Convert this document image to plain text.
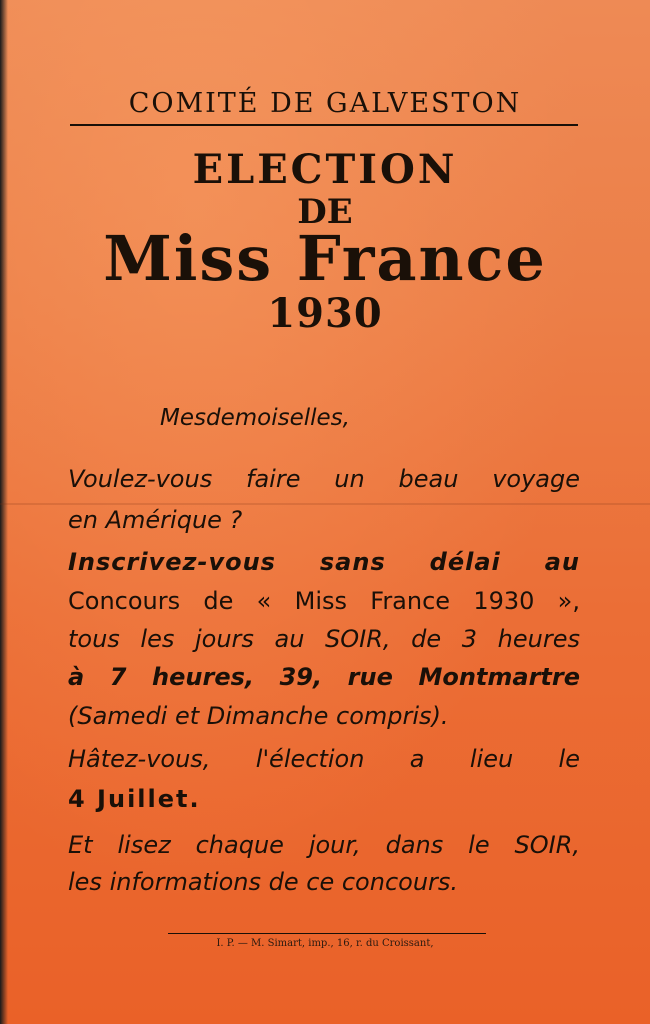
COMITÉ DE GALVESTON
ELECTION
DE
Miss France
1930
Mesdemoiselles,
Voulez-vous faire un beau voyage
en Amérique ?
Inscrivez-vous sans délai au
Concours de « Miss France 1930 »,
tous les jours au SOIR, de 3 heures
à 7 heures, 39, rue Montmartre
(Samedi et Dimanche compris).
Hâtez-vous, l'élection a lieu le
4 Juillet.
Et lisez chaque jour, dans le SOIR,
les informations de ce concours.
I. P. — M. Simart, imp., 16, r. du Croissant,
